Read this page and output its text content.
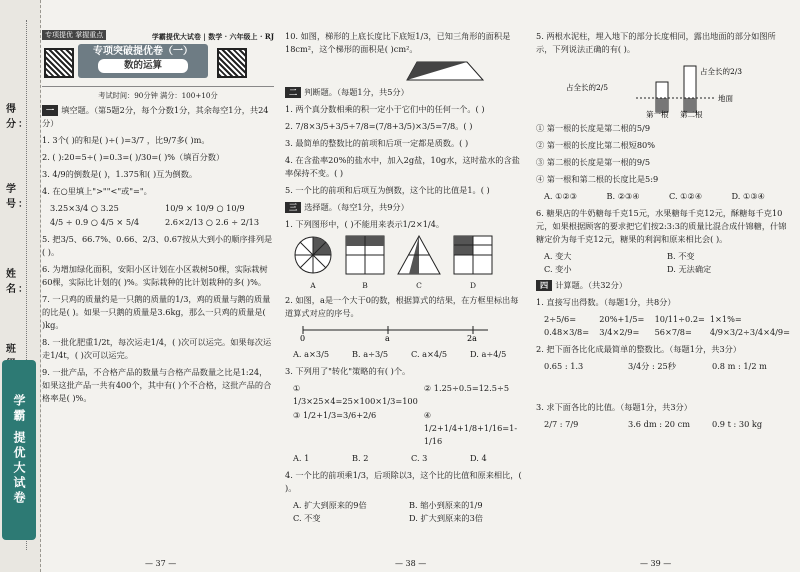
得分：
学号：
姓名：
班
学霸 提优大试卷
专项提优 掌握重点	学霸提优大试卷 | 数学 · 六年级上 · RJ
专项突破提优卷（一）
数的运算
考试时间：90分钟 满分：100+10分
一 填空题。（第5题2分，每个分数1分，其余每空1分，共24分）
1. 3个( )的和是( )÷( )=3/7 ，比9/7多( )m。
2. ( ):20=5÷( )=0.3=( )/30=( )%（填百分数）
3. 4/9的倒数是( )，1.375和( )互为倒数。
4. 在○里填上">""<"或"="。
3.25×3/4 ○ 3.25	10/9 × 10/9 ○ 10/9
4/5 ÷ 0.9 ○ 4/5 × 5/4	2.6×2/13 ○ 2.6 ÷ 2/13
5. 把3/5、66.7%、0.66、2/3、0.67按从大到小的顺序排列是( )。
6. 为增加绿化面积，安阳小区计划在小区栽树50棵，实际栽树60棵，实际比计划的( )%。实际栽种的比计划栽种的多( )%。
7. 一只鸡的质量约是一只鹅的质量的1/3，鸡的质量与鹅的质量的比是( )。如果一只鹅的质量是3.6kg，那么一只鸡的质量是( )kg。
8. 一批化肥重1/2t，每次运走1/4，( )次可以运完。如果每次运走1/4t，( )次可以运完。
9. 一批产品，不合格产品的数量与合格产品数量之比是1:24，如果这批产品一共有400个，其中有( )个不合格，这批产品的合格率是( )%。
— 37 —
10. 如图，梯形的上底长度比下底短1/3，已知三角形的面积是18cm²，这个梯形的面积是( )cm²。
二 判断题。（每题1分，共5分）
1. 两个真分数相乘的积一定小于它们中的任何一个。( )
2. 7/8×3/5+3/5÷7/8=(7/8+3/5)×3/5=7/8。( )
3. 最简单的整数比的前项和后项一定都是质数。( )
4. 在含盐率20%的盐水中，加入2g盐，10g水，这时盐水的含盐率保持不变。( )
5. 一个比的前项和后项互为倒数，这个比的比值是1。( )
三 选择题。（每空1分，共9分）
1. 下列图形中，( )不能用来表示1/2×1/4。
A	B	C	D
2. 如图，a是一个大于0的数，根据算式的结果，在方框里标出每道算式对应的序号。
0	a	2a
A. a×3/5	B. a÷3/5	C. a×4/5	D. a÷4/5
3. 下列用了"转化"策略的有( )个。
① 1/3×25×4=25×100×1/3=100
② 1.25÷0.5=12.5÷5
③ 1/2+1/3=3/6+2/6	④ 1/2+1/4+1/8+1/16=1-1/16
A. 1	B. 2	C. 3	D. 4
4. 一个比的前项乘1/3，后项除以3，这个比的比值和原来相比，( )。
A. 扩大到原来的9倍	B. 缩小到原来的1/9
C. 不变	D. 扩大到原来的3倍
— 38 —
5. 两根水泥柱，埋入地下的部分长度相同，露出地面的部分如图所示，下列说法正确的有( )。
占全长的2/5
占全长的2/3
第一根 第二根
地面
① 第一根的长度是第二根的5/9
② 第一根的长度比第二根短80%
③ 第二根的长度是第一根的9/5
④ 第一根和第二根的长度比是5:9
A. ①②③	B. ②③④	C. ①②④	D. ①③④
6. 糖果店的牛奶糖每千克15元，水果糖每千克12元，酥糖每千克10元，如果根据顾客的要求把它们按2:3:3的质量比混合成什锦糖，什锦糖定价为每千克12元，糖果的利润和原来相比会( )。
A. 变大	B. 不变
C. 变小	D. 无法确定
四 计算题。（共32分）
1. 直接写出得数。（每题1分，共8分）
2÷5/6=	20%+1/5=	10/11÷0.2= 1×1%=
0.48×3/8=	3/4×2/9=	56×7/8=	4/9×3/2÷3/4×4/9=
2. 把下面各比化成最简单的整数比。（每题1分，共3分）
0.65 : 1.3	3/4分 : 25秒	0.8 m : 1/2 m
3. 求下面各比的比值。（每题1分，共3分）
2/7 : 7/9	3.6 dm : 20 cm	0.9 t : 30 kg
— 39 —
